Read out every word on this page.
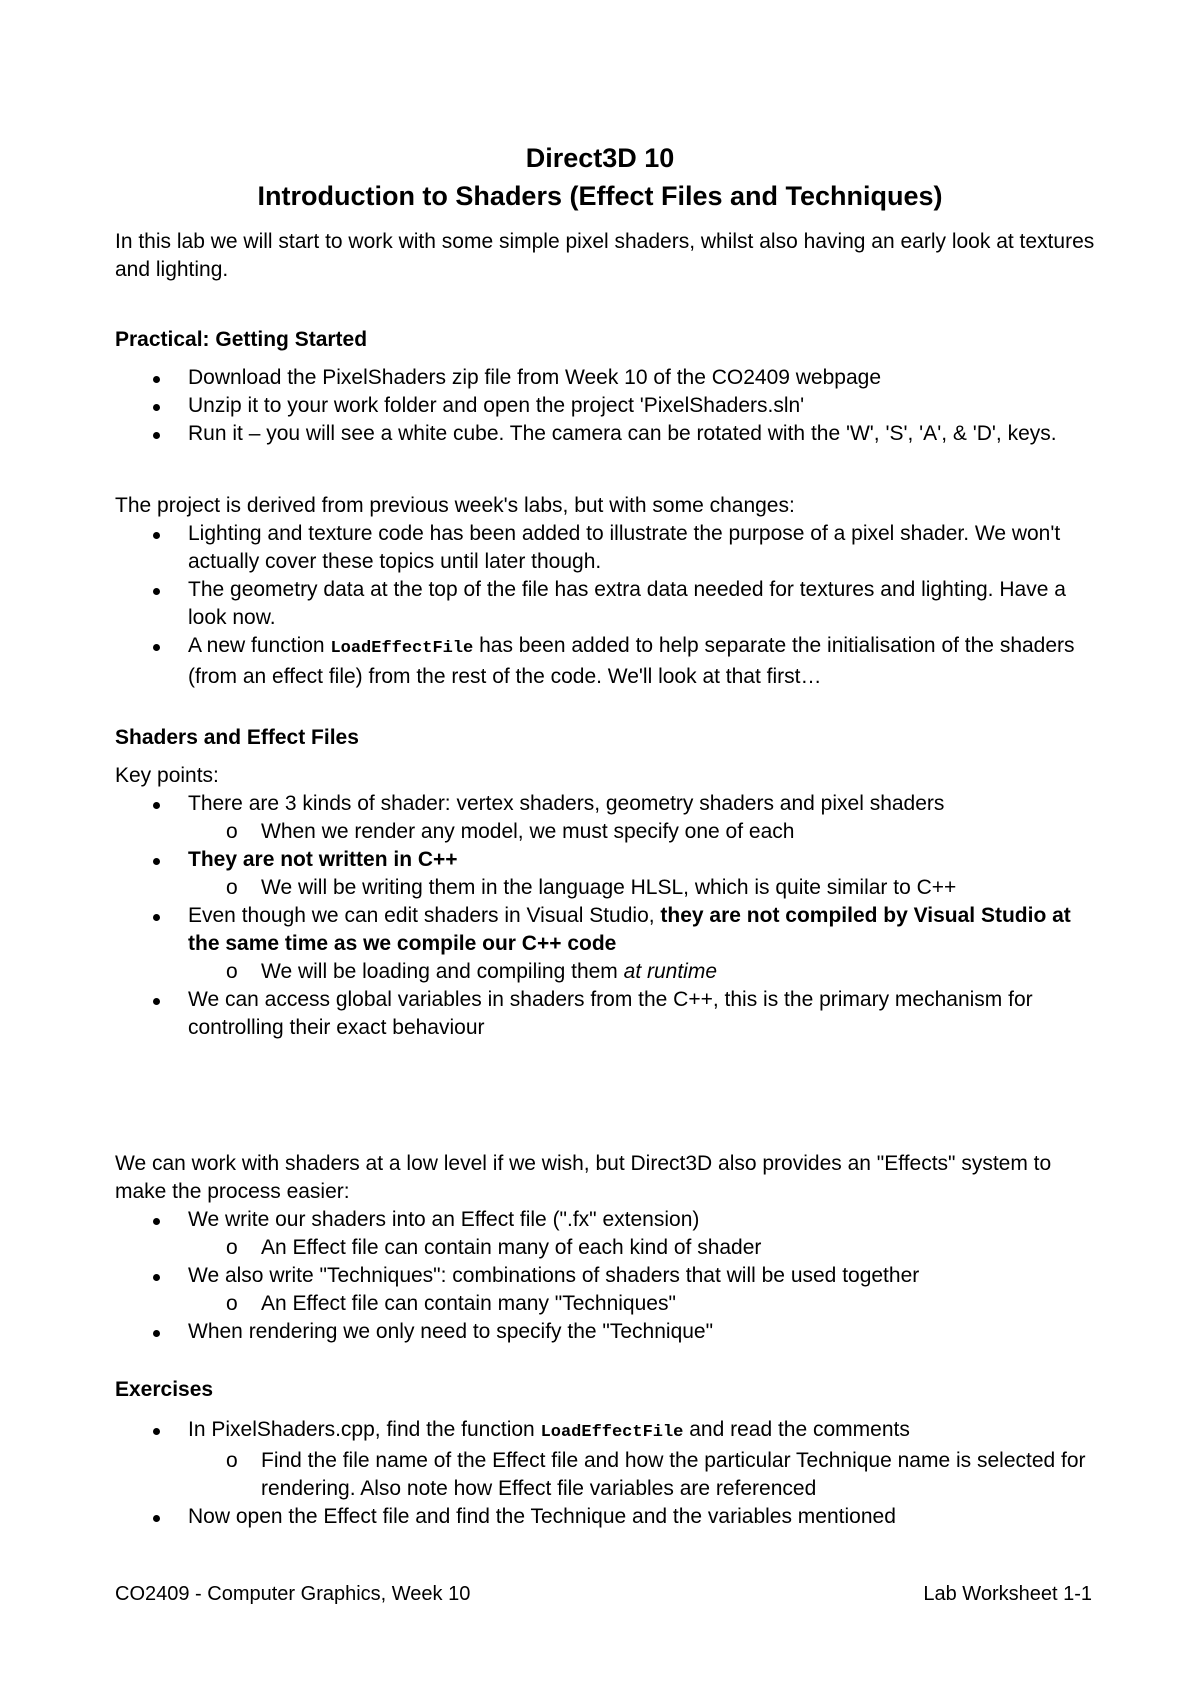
Direct3D 10
Introduction to Shaders (Effect Files and Techniques)

In this lab we will start to work with some simple pixel shaders, whilst also having an early look at textures and lighting.

Practical: Getting Started
Download the PixelShaders zip file from Week 10 of the CO2409 webpage
Unzip it to your work folder and open the project 'PixelShaders.sln'
Run it – you will see a white cube. The camera can be rotated with the 'W', 'S', 'A', & 'D', keys.

The project is derived from previous week's labs, but with some changes:

Lighting and texture code has been added to illustrate the purpose of a pixel shader. We won't actually cover these topics until later though.
The geometry data at the top of the file has extra data needed for textures and lighting. Have a look now.
A new function LoadEffectFile has been added to help separate the initialisation of the shaders (from an effect file) from the rest of the code. We'll look at that first…
Shaders and Effect Files

Key points:

There are 3 kinds of shader: vertex shaders, geometry shaders and pixel shaders
o When we render any model, we must specify one of each
They are not written in C++
o We will be writing them in the language HLSL, which is quite similar to C++
Even though we can edit shaders in Visual Studio, they are not compiled by Visual Studio at the same time as we compile our C++ code
o We will be loading and compiling them at runtime
We can access global variables in shaders from the C++, this is the primary mechanism for controlling their exact behaviour

We can work with shaders at a low level if we wish, but Direct3D also provides an "Effects" system to make the process easier:

We write our shaders into an Effect file (".fx" extension)
o An Effect file can contain many of each kind of shader
We also write "Techniques": combinations of shaders that will be used together
o An Effect file can contain many "Techniques"
When rendering we only need to specify the "Technique"
Exercises
In PixelShaders.cpp, find the function LoadEffectFile and read the comments
o Find the file name of the Effect file and how the particular Technique name is selected for rendering. Also note how Effect file variables are referenced
Now open the Effect file and find the Technique and the variables mentioned
CO2409 - Computer Graphics, Week 10	Lab Worksheet 1-1
